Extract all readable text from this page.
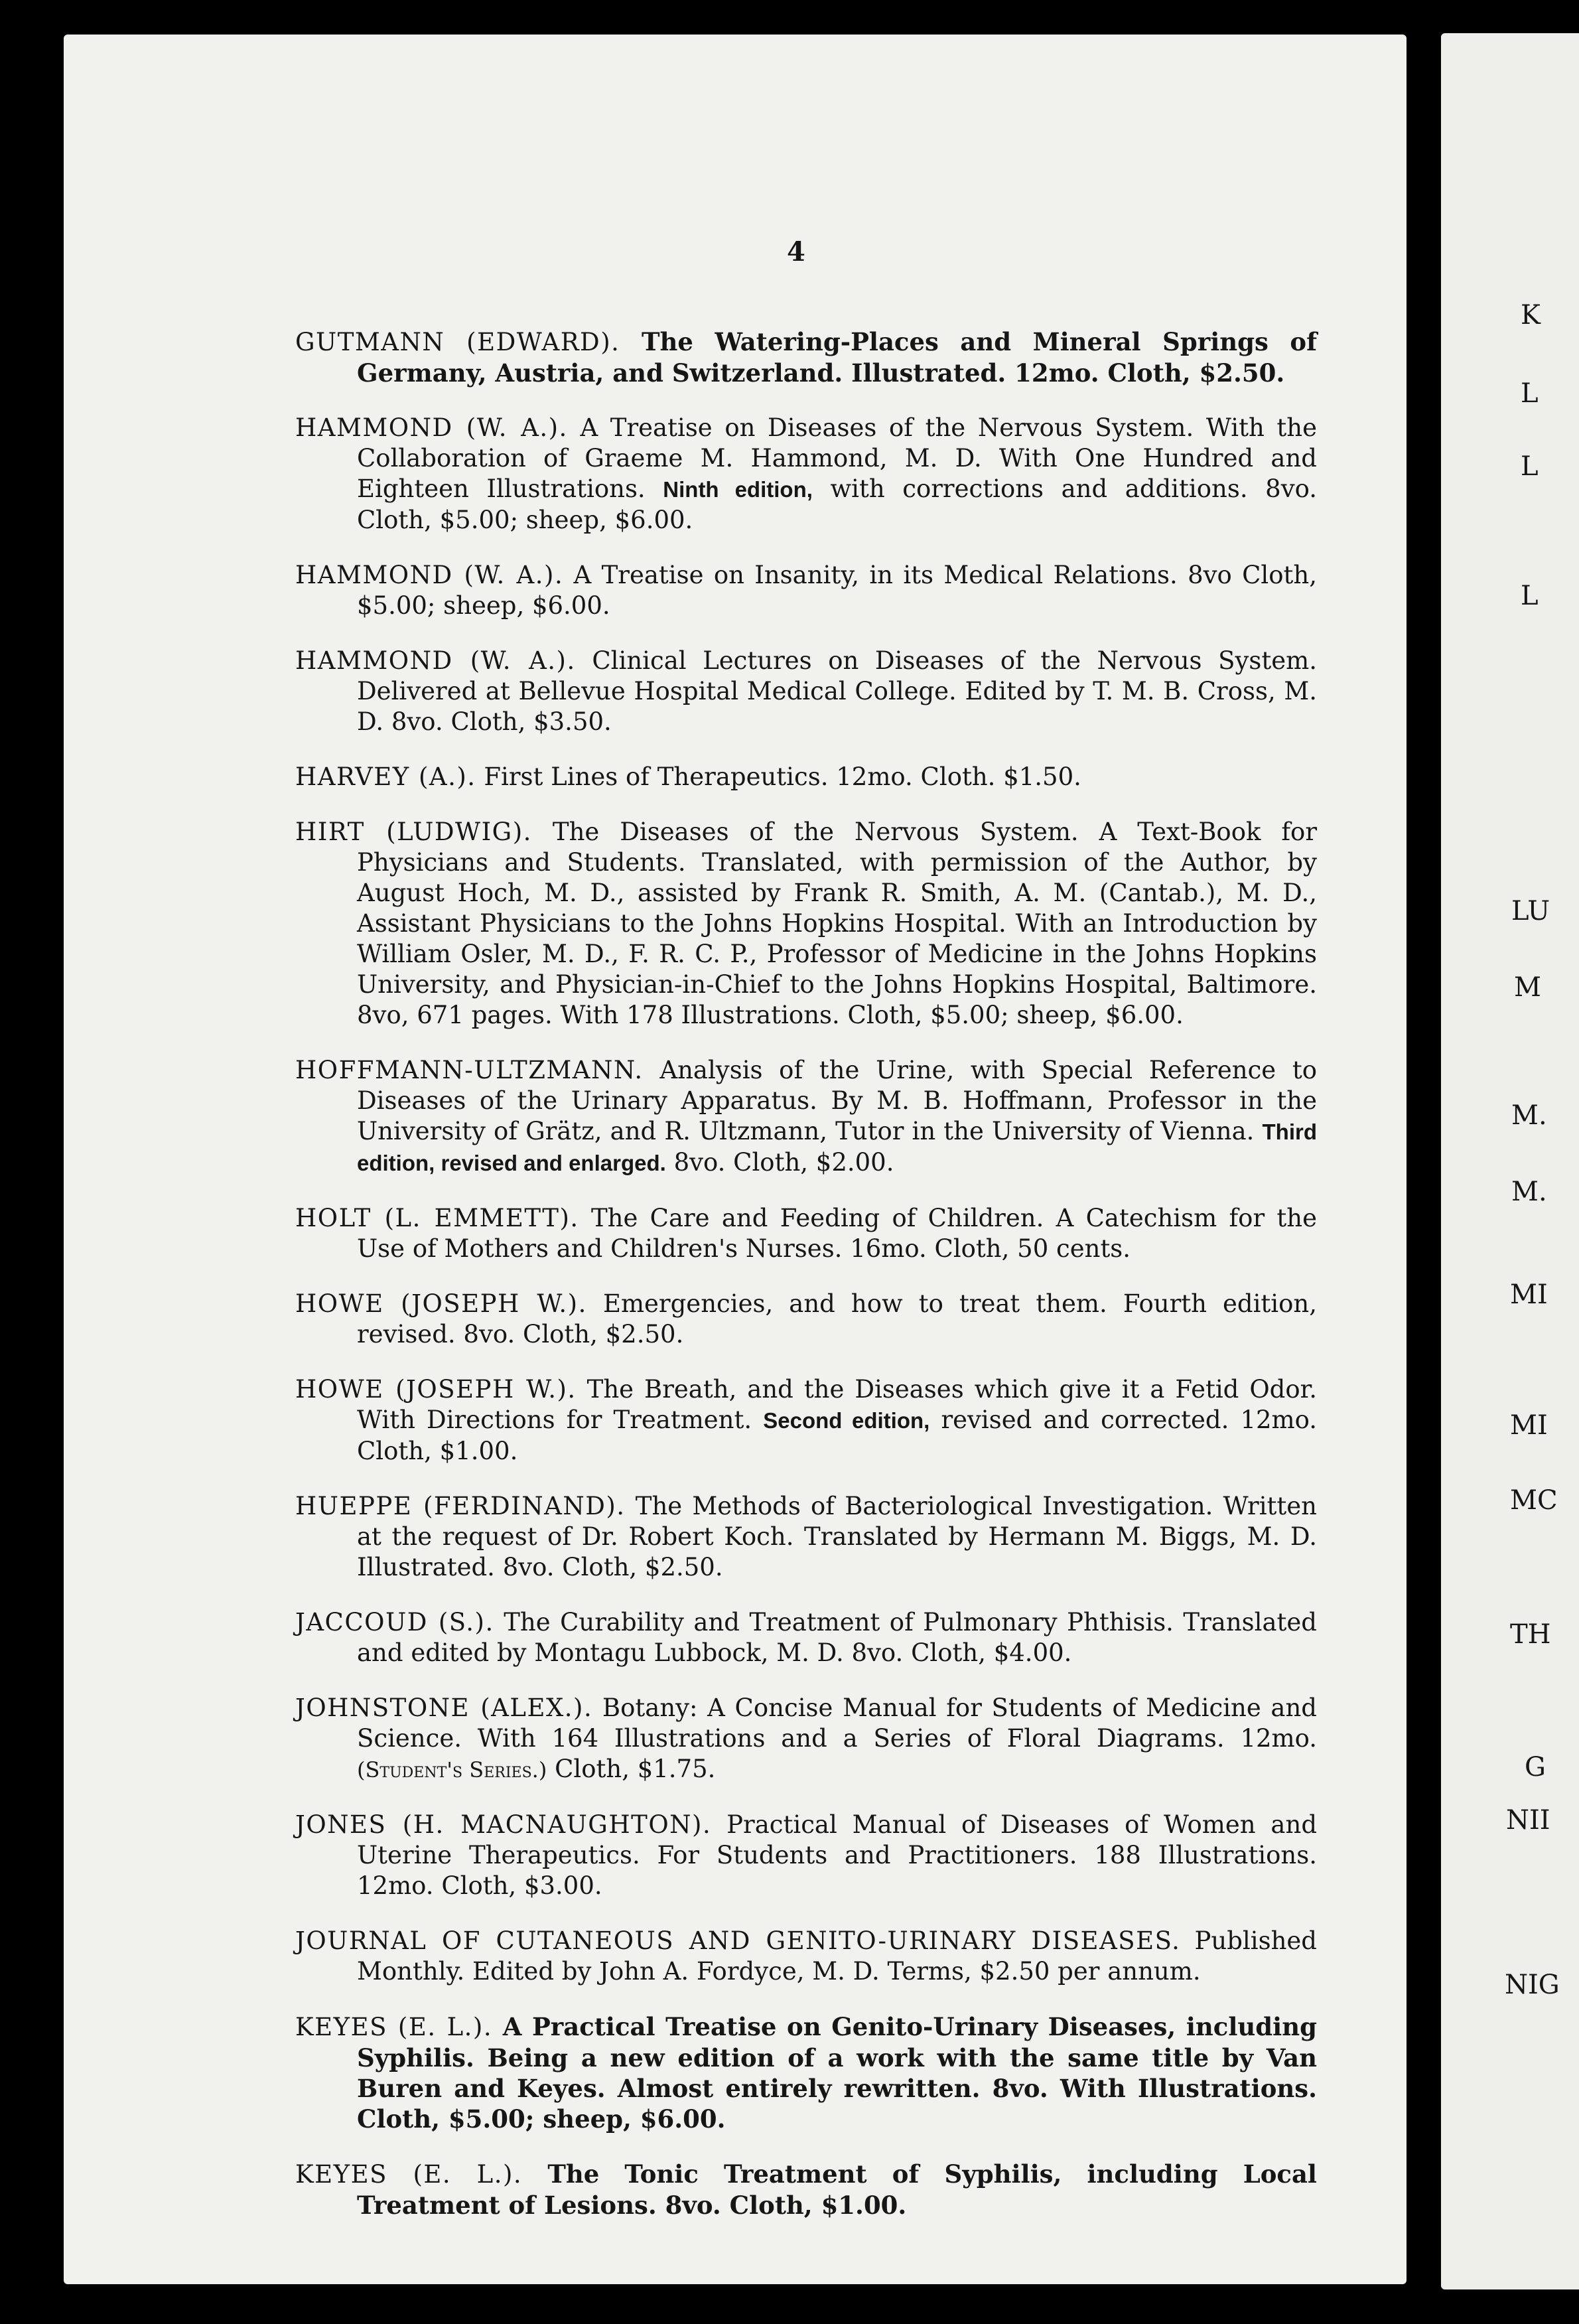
4

GUTMANN (EDWARD). The Watering-Places and Mineral Springs of Germany, Austria, and Switzerland. Illustrated. 12mo. Cloth, $2.50.

HAMMOND (W. A.). A Treatise on Diseases of the Nervous System. With the Collaboration of Graeme M. Hammond, M. D. With One Hundred and Eighteen Illustrations. Ninth edition, with corrections and additions. 8vo. Cloth, $5.00; sheep, $6.00.

HAMMOND (W. A.). A Treatise on Insanity, in its Medical Relations. 8vo Cloth, $5.00; sheep, $6.00.

HAMMOND (W. A.). Clinical Lectures on Diseases of the Nervous System. Delivered at Bellevue Hospital Medical College. Edited by T. M. B. Cross, M. D. 8vo. Cloth, $3.50.

HARVEY (A.). First Lines of Therapeutics. 12mo. Cloth. $1.50.

HIRT (LUDWIG). The Diseases of the Nervous System. A Text-Book for Physicians and Students. Translated, with permission of the Author, by August Hoch, M. D., assisted by Frank R. Smith, A. M. (Cantab.), M. D., Assistant Physicians to the Johns Hopkins Hospital. With an Introduction by William Osler, M. D., F. R. C. P., Professor of Medicine in the Johns Hopkins University, and Physician-in-Chief to the Johns Hopkins Hospital, Baltimore. 8vo, 671 pages. With 178 Illustrations. Cloth, $5.00; sheep, $6.00.

HOFFMANN-ULTZMANN. Analysis of the Urine, with Special Reference to Diseases of the Urinary Apparatus. By M. B. Hoffmann, Professor in the University of Grätz, and R. Ultzmann, Tutor in the University of Vienna. Third edition, revised and enlarged. 8vo. Cloth, $2.00.

HOLT (L. EMMETT). The Care and Feeding of Children. A Catechism for the Use of Mothers and Children's Nurses. 16mo. Cloth, 50 cents.

HOWE (JOSEPH W.). Emergencies, and how to treat them. Fourth edition, revised. 8vo. Cloth, $2.50.

HOWE (JOSEPH W.). The Breath, and the Diseases which give it a Fetid Odor. With Directions for Treatment. Second edition, revised and corrected. 12mo. Cloth, $1.00.

HUEPPE (FERDINAND). The Methods of Bacteriological Investigation. Written at the request of Dr. Robert Koch. Translated by Hermann M. Biggs, M. D. Illustrated. 8vo. Cloth, $2.50.

JACCOUD (S.). The Curability and Treatment of Pulmonary Phthisis. Translated and edited by Montagu Lubbock, M. D. 8vo. Cloth, $4.00.

JOHNSTONE (ALEX.). Botany: A Concise Manual for Students of Medicine and Science. With 164 Illustrations and a Series of Floral Diagrams. 12mo. (Student's Series.) Cloth, $1.75.

JONES (H. MACNAUGHTON). Practical Manual of Diseases of Women and Uterine Therapeutics. For Students and Practitioners. 188 Illustrations. 12mo. Cloth, $3.00.

JOURNAL OF CUTANEOUS AND GENITO-URINARY DISEASES. Published Monthly. Edited by John A. Fordyce, M. D. Terms, $2.50 per annum.

KEYES (E. L.). A Practical Treatise on Genito-Urinary Diseases, including Syphilis. Being a new edition of a work with the same title by Van Buren and Keyes. Almost entirely rewritten. 8vo. With Illustrations. Cloth, $5.00; sheep, $6.00.

KEYES (E. L.). The Tonic Treatment of Syphilis, including Local Treatment of Lesions. 8vo. Cloth, $1.00.

K
L
L
L
LU
M
M.
M.
MI
MI
MC
TH
G
NII
NIG
